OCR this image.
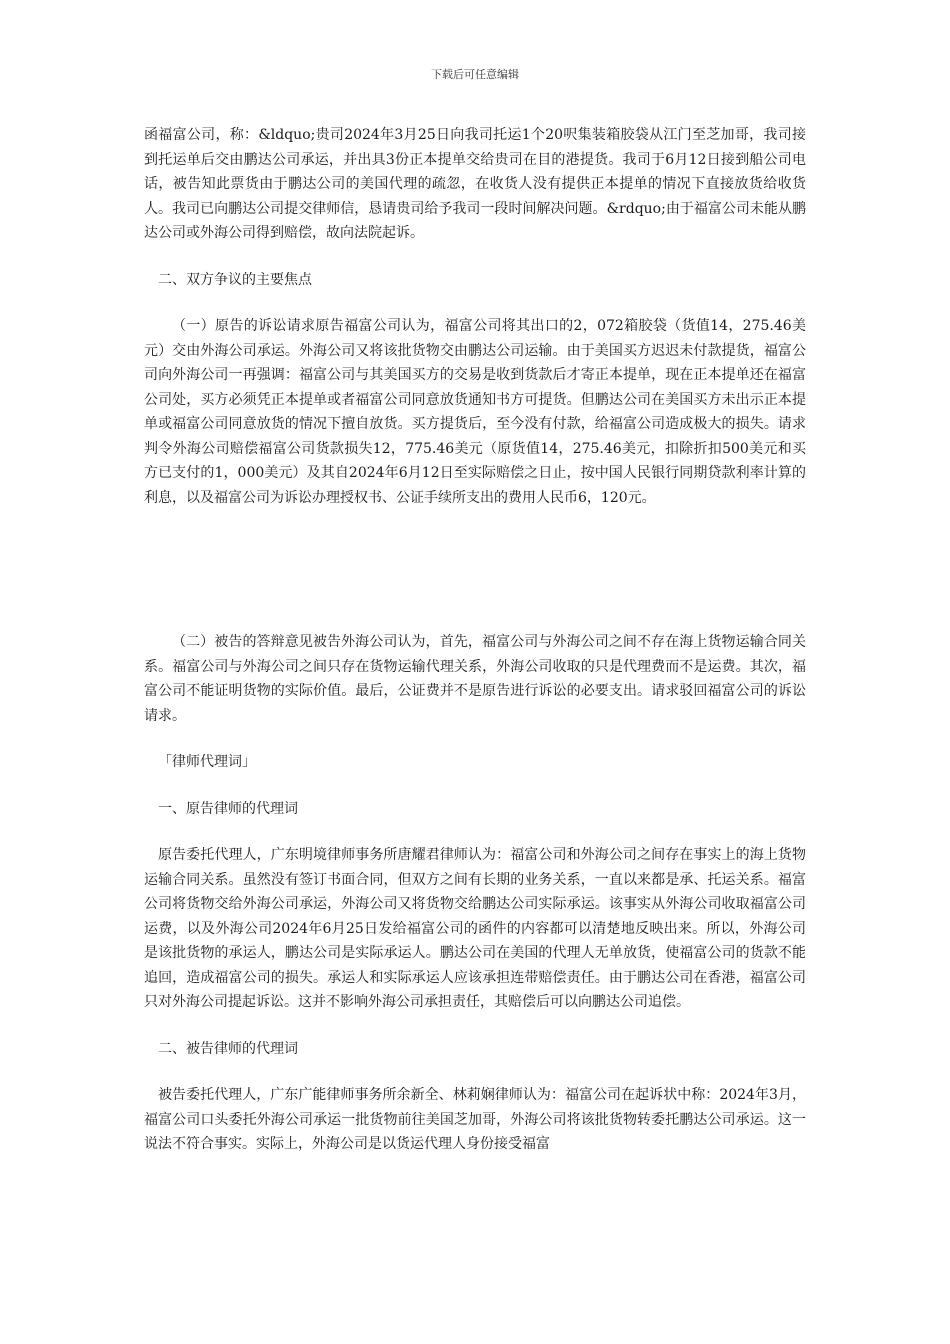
下载后可任意编辑

函福富公司，称：&ldquo;贵司2024年3月25日向我司托运1个20呎集装箱胶袋从江门至芝加哥，我司接到托运单后交由鹏达公司承运，并出具3份正本提单交给贵司在目的港提货。我司于6月12日接到船公司电话，被告知此票货由于鹏达公司的美国代理的疏忽，在收货人没有提供正本提单的情况下直接放货给收货人。我司已向鹏达公司提交律师信，恳请贵司给予我司一段时间解决问题。&rdquo;由于福富公司未能从鹏达公司或外海公司得到赔偿，故向法院起诉。

二、双方争议的主要焦点

（一）原告的诉讼请求原告福富公司认为，福富公司将其出口的2，072箱胶袋（货值14，275.46美元）交由外海公司承运。外海公司又将该批货物交由鹏达公司运输。由于美国买方迟迟未付款提货，福富公司向外海公司一再强调：福富公司与其美国买方的交易是收到货款后才寄正本提单，现在正本提单还在福富公司处，买方必须凭正本提单或者福富公司同意放货通知书方可提货。但鹏达公司在美国买方未出示正本提单或福富公司同意放货的情况下擅自放货。买方提货后，至今没有付款，给福富公司造成极大的损失。请求判令外海公司赔偿福富公司货款损失12，775.46美元（原货值14，275.46美元，扣除折扣500美元和买方已支付的1，000美元）及其自2024年6月12日至实际赔偿之日止，按中国人民银行同期贷款利率计算的利息，以及福富公司为诉讼办理授权书、公证手续所支出的费用人民币6，120元。

（二）被告的答辩意见被告外海公司认为，首先，福富公司与外海公司之间不存在海上货物运输合同关系。福富公司与外海公司之间只存在货物运输代理关系，外海公司收取的只是代理费而不是运费。其次，福富公司不能证明货物的实际价值。最后，公证费并不是原告进行诉讼的必要支出。请求驳回福富公司的诉讼请求。

「律师代理词」

一、原告律师的代理词

原告委托代理人，广东明境律师事务所唐耀君律师认为：福富公司和外海公司之间存在事实上的海上货物运输合同关系。虽然没有签订书面合同，但双方之间有长期的业务关系，一直以来都是承、托运关系。福富公司将货物交给外海公司承运，外海公司又将货物交给鹏达公司实际承运。该事实从外海公司收取福富公司运费，以及外海公司2024年6月25日发给福富公司的函件的内容都可以清楚地反映出来。所以，外海公司是该批货物的承运人，鹏达公司是实际承运人。鹏达公司在美国的代理人无单放货，使福富公司的货款不能追回，造成福富公司的损失。承运人和实际承运人应该承担连带赔偿责任。由于鹏达公司在香港，福富公司只对外海公司提起诉讼。这并不影响外海公司承担责任，其赔偿后可以向鹏达公司追偿。

二、被告律师的代理词

被告委托代理人，广东广能律师事务所余新全、林莉娴律师认为：福富公司在起诉状中称：2024年3月，福富公司口头委托外海公司承运一批货物前往美国芝加哥，外海公司将该批货物转委托鹏达公司承运。这一说法不符合事实。实际上，外海公司是以货运代理人身份接受福富
